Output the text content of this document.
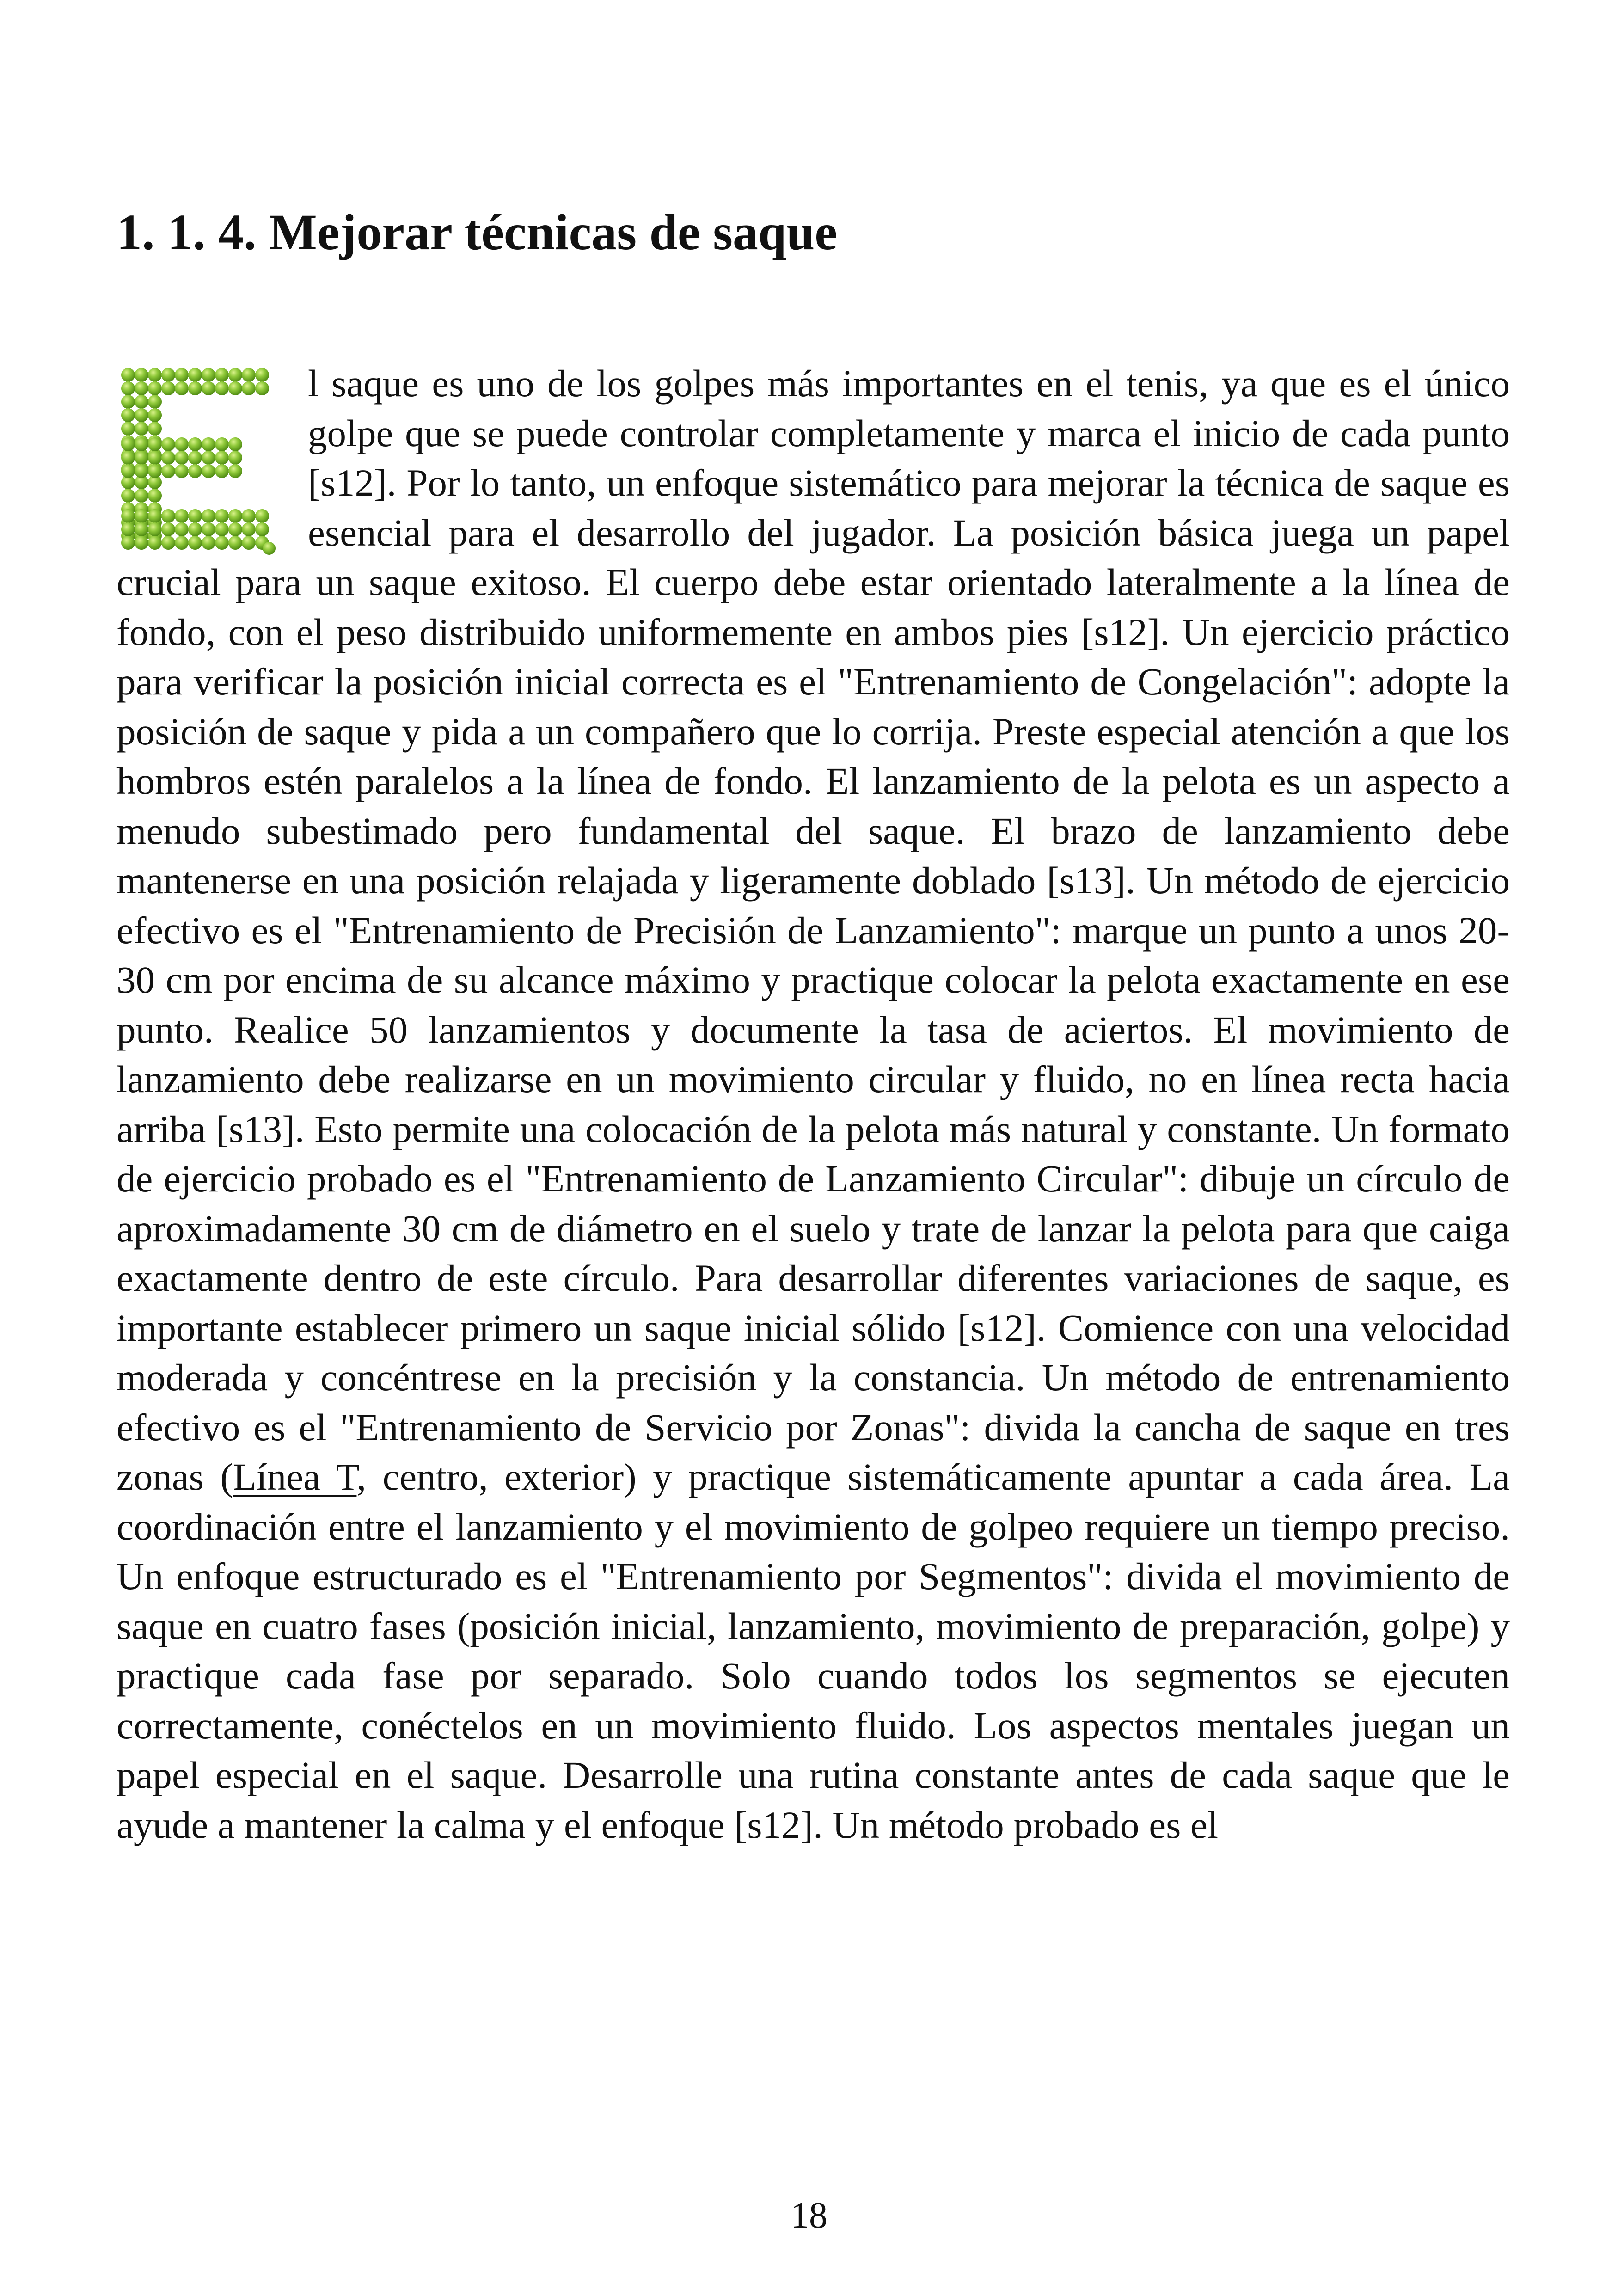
1. 1. 4. Mejorar técnicas de saque

l saque es uno de los golpes más importantes en el tenis, ya que es el único golpe que se puede controlar completamente y marca el inicio de cada punto [s12]. Por lo tanto, un enfoque sistemático para mejorar la técnica de saque es esencial para el desarrollo del jugador. La posición básica juega un papel crucial para un saque exitoso. El cuerpo debe estar orientado lateralmente a la línea de fondo, con el peso distribuido uniformemente en ambos pies [s12]. Un ejercicio práctico para verificar la posición inicial correcta es el "Entrenamiento de Congelación": adopte la posición de saque y pida a un compañero que lo corrija. Preste especial atención a que los hombros estén paralelos a la línea de fondo. El lanzamiento de la pelota es un aspecto a menudo subestimado pero fundamental del saque. El brazo de lanzamiento debe mantenerse en una posición relajada y ligeramente doblado [s13]. Un método de ejercicio efectivo es el "Entrenamiento de Precisión de Lanzamiento": marque un punto a unos 20-30 cm por encima de su alcance máximo y practique colocar la pelota exactamente en ese punto. Realice 50 lanzamientos y documente la tasa de aciertos. El movimiento de lanzamiento debe realizarse en un movimiento circular y fluido, no en línea recta hacia arriba [s13]. Esto permite una colocación de la pelota más natural y constante. Un formato de ejercicio probado es el "Entrenamiento de Lanzamiento Circular": dibuje un círculo de aproximadamente 30 cm de diámetro en el suelo y trate de lanzar la pelota para que caiga exactamente dentro de este círculo. Para desarrollar diferentes variaciones de saque, es importante establecer primero un saque inicial sólido [s12]. Comience con una velocidad moderada y concéntrese en la precisión y la constancia. Un método de entrenamiento efectivo es el "Entrenamiento de Servicio por Zonas": divida la cancha de saque en tres zonas (Línea T, centro, exterior) y practique sistemáticamente apuntar a cada área. La coordinación entre el lanzamiento y el movimiento de golpeo requiere un tiempo preciso. Un enfoque estructurado es el "Entrenamiento por Segmentos": divida el movimiento de saque en cuatro fases (posición inicial, lanzamiento, movimiento de preparación, golpe) y practique cada fase por separado. Solo cuando todos los segmentos se ejecuten correctamente, conéctelos en un movimiento fluido. Los aspectos mentales juegan un papel especial en el saque. Desarrolle una rutina constante antes de cada saque que le ayude a mantener la calma y el enfoque [s12]. Un método probado es el

18
